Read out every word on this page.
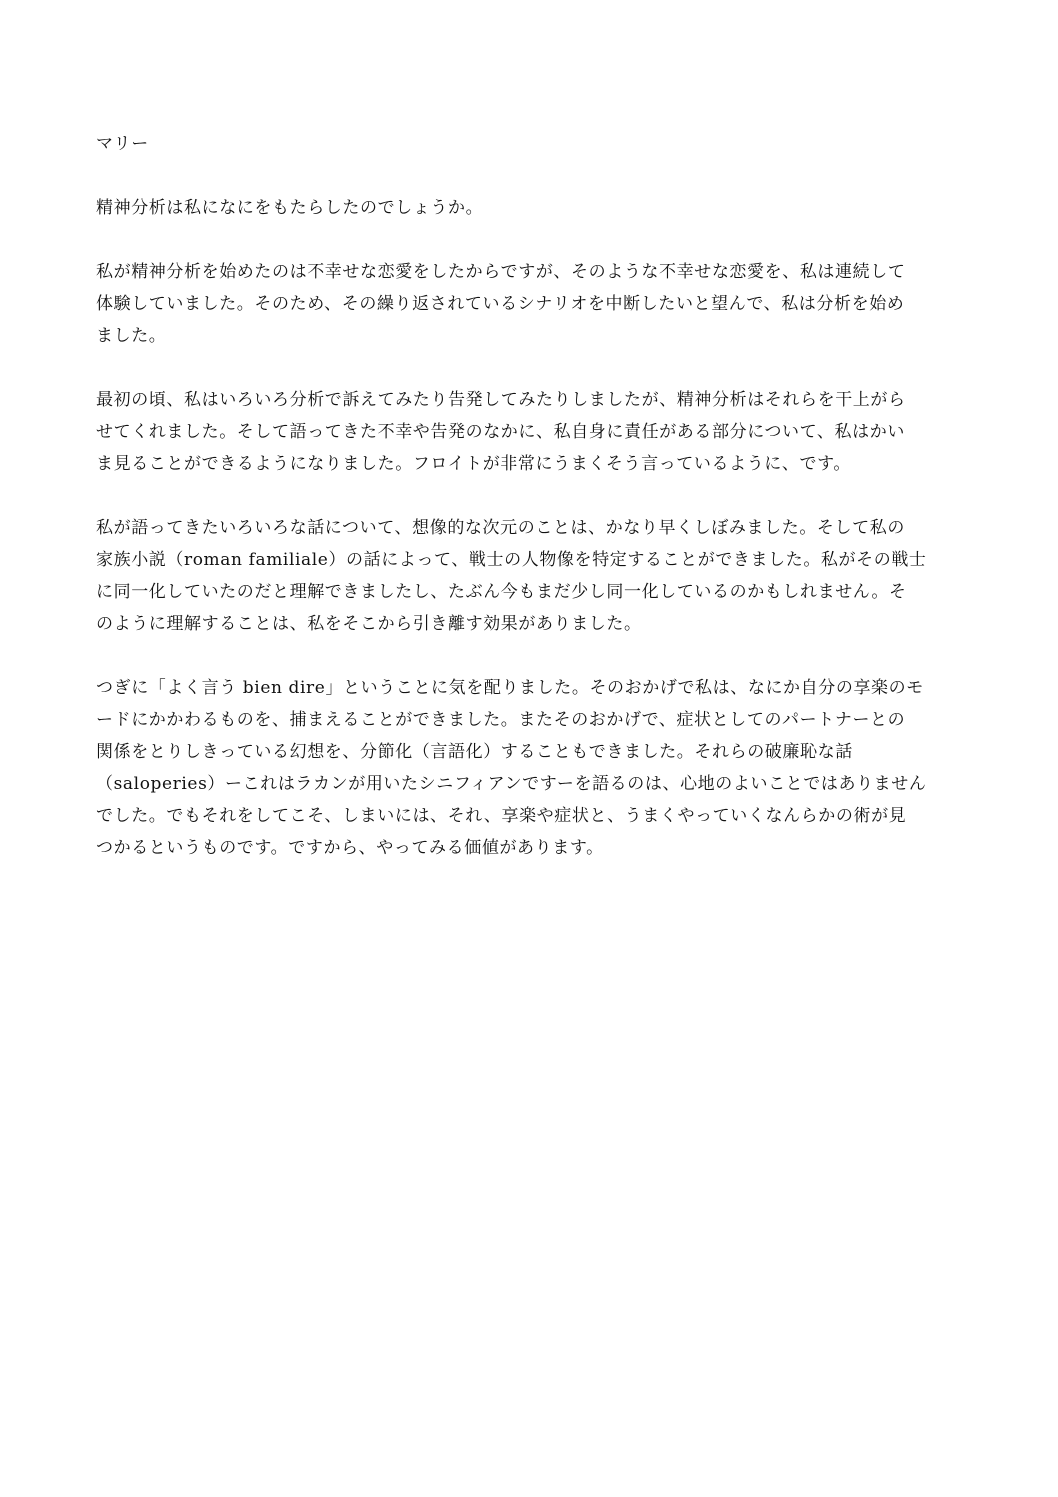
マリー
精神分析は私になにをもたらしたのでしょうか。
私が精神分析を始めたのは不幸せな恋愛をしたからですが、そのような不幸せな恋愛を、私は連続して
体験していました。そのため、その繰り返されているシナリオを中断したいと望んで、私は分析を始め
ました。
最初の頃、私はいろいろ分析で訴えてみたり告発してみたりしましたが、精神分析はそれらを干上がら
せてくれました。そして語ってきた不幸や告発のなかに、私自身に責任がある部分について、私はかい
ま見ることができるようになりました。フロイトが非常にうまくそう言っているように、です。
私が語ってきたいろいろな話について、想像的な次元のことは、かなり早くしぼみました。そして私の
家族小説（roman familiale）の話によって、戦士の人物像を特定することができました。私がその戦士
に同一化していたのだと理解できましたし、たぶん今もまだ少し同一化しているのかもしれません。そ
のように理解することは、私をそこから引き離す効果がありました。
つぎに「よく言う bien dire」ということに気を配りました。そのおかげで私は、なにか自分の享楽のモ
ードにかかわるものを、捕まえることができました。またそのおかげで、症状としてのパートナーとの
関係をとりしきっている幻想を、分節化（言語化）することもできました。それらの破廉恥な話
（saloperies）ーこれはラカンが用いたシニフィアンですーを語るのは、心地のよいことではありません
でした。でもそれをしてこそ、しまいには、それ、享楽や症状と、うまくやっていくなんらかの術が見
つかるというものです。ですから、やってみる価値があります。
